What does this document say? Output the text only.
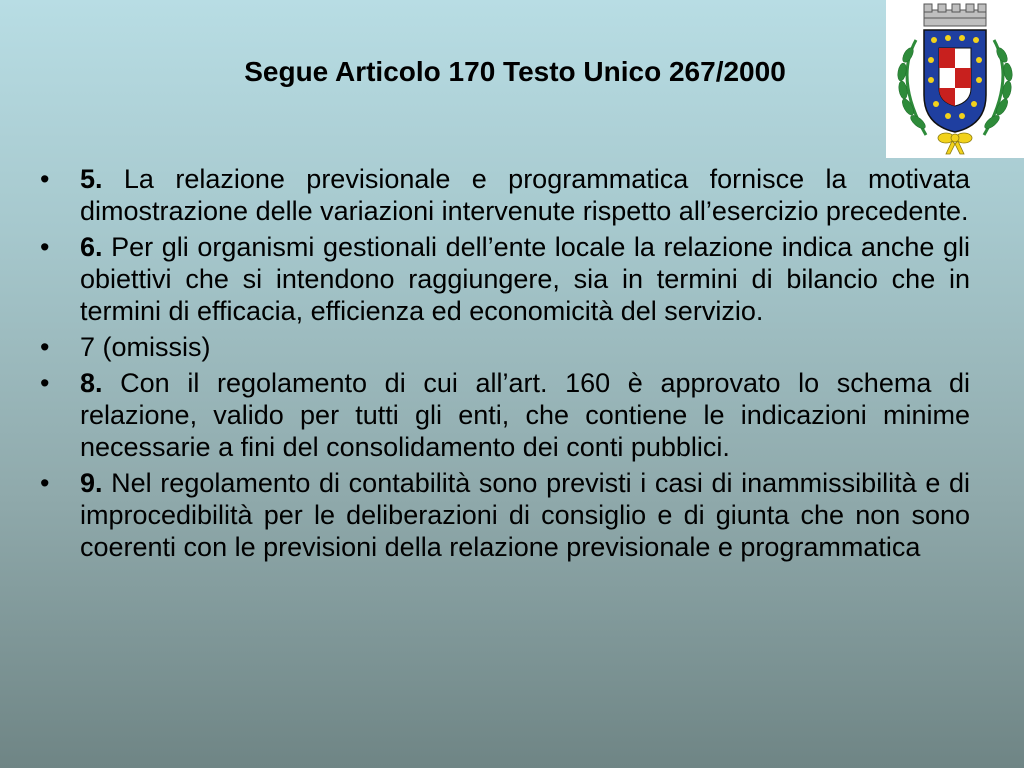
Segue Articolo 170 Testo Unico 267/2000
• 5. La relazione previsionale e programmatica fornisce la motivata dimostrazione delle variazioni intervenute rispetto all’esercizio precedente.
• 6. Per gli organismi gestionali dell’ente locale la relazione indica anche gli obiettivi che si intendono raggiungere, sia in termini di bilancio che in termini di efficacia, efficienza ed economicità del servizio.
• 7 (omissis)
• 8. Con il regolamento di cui all’art. 160 è approvato lo schema di relazione, valido per tutti gli enti, che contiene le indicazioni minime necessarie a fini del consolidamento dei conti pubblici.
• 9. Nel regolamento di contabilità sono previsti i casi di inammissibilità e di improcedibilità per le deliberazioni di consiglio e di giunta che non sono coerenti con le previsioni della relazione previsionale e programmatica
